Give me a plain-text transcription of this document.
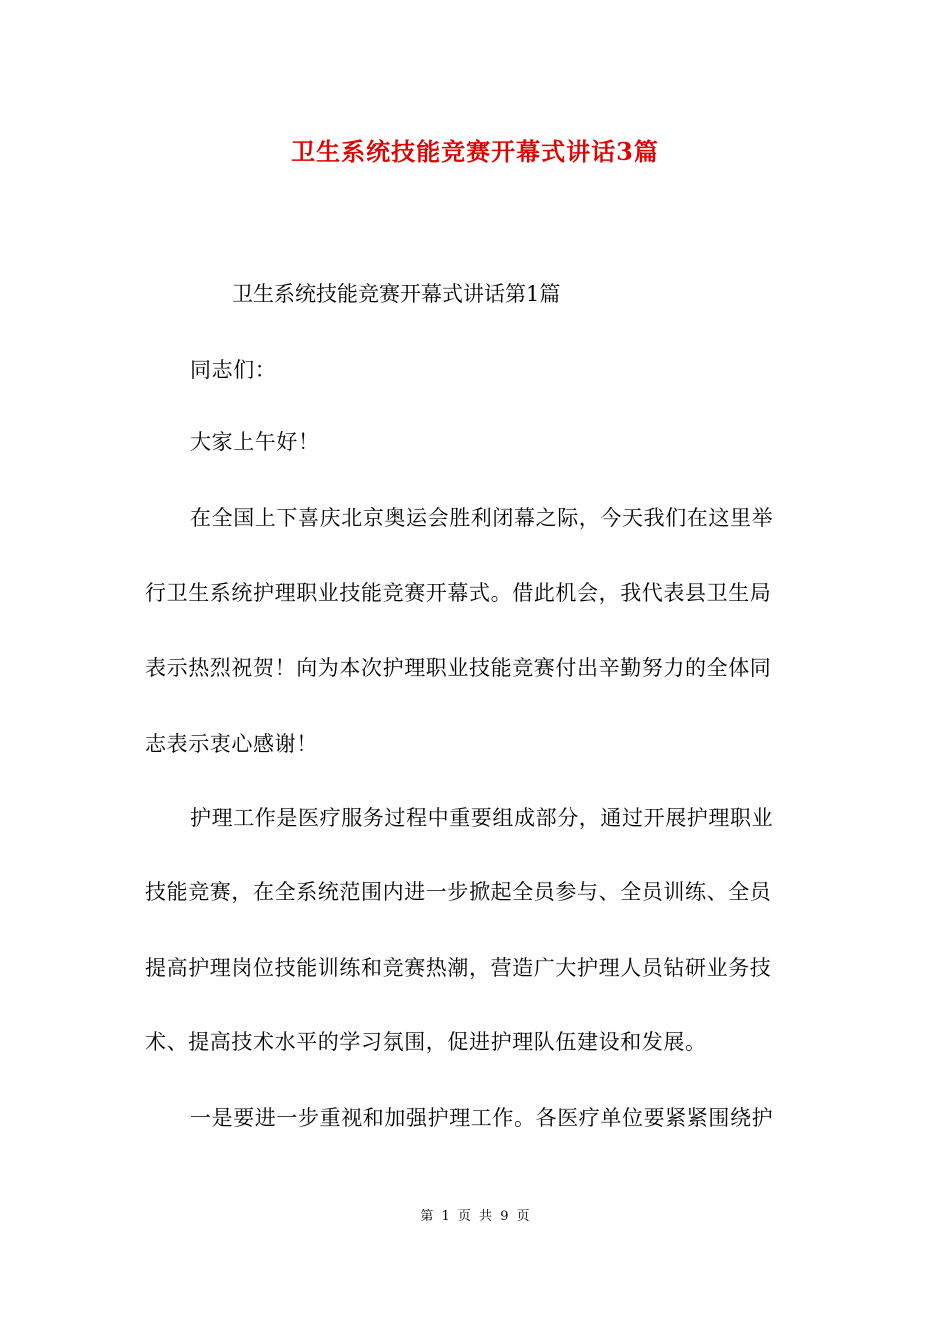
卫生系统技能竞赛开幕式讲话3篇
卫生系统技能竞赛开幕式讲话第1篇
同志们：
大家上午好！
在全国上下喜庆北京奥运会胜利闭幕之际，今天我们在这里举
行卫生系统护理职业技能竞赛开幕式。借此机会，我代表县卫生局
表示热烈祝贺！向为本次护理职业技能竞赛付出辛勤努力的全体同
志表示衷心感谢！
护理工作是医疗服务过程中重要组成部分，通过开展护理职业
技能竞赛，在全系统范围内进一步掀起全员参与、全员训练、全员
提高护理岗位技能训练和竞赛热潮，营造广大护理人员钻研业务技
术、提高技术水平的学习氛围，促进护理队伍建设和发展。
一是要进一步重视和加强护理工作。各医疗单位要紧紧围绕护
第 1 页 共 9 页
